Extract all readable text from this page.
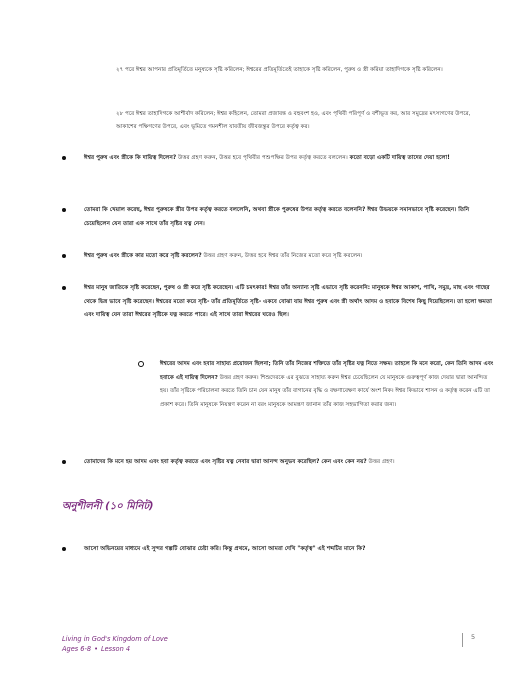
২৭ পরে ঈশ্বর আপনার প্রতিমূর্তিতে মনুষ্যকে সৃষ্টি করিলেন; ঈশ্বরের প্রতিমূর্তিতেই তাহাকে সৃষ্টি করিলেন, পুরুষ ও স্ত্রী করিয়া তাহাদিগকে সৃষ্টি করিলেন।
২৮ পরে ঈশ্বর তাহাদিগকে আশীর্বাদ করিলেন; ঈশ্বর কহিলেন, তোমরা প্রজাবন্ত ও বহুবংশ হও, এবং পৃথিবী পরিপূর্ণ ও বশীভূত কর, আর সমুদ্রের মৎস্যগণের উপরে, আকাশের পক্ষিগণের উপরে, এবং ভূমিতে গমনশীল যাবতীয় জীবজন্তুর উপরে কর্তৃত্ব কর।
ঈশ্বর পুরুষ এবং স্ত্রীকে কি দায়িত্ব দিলেন? উত্তর গ্রহণ করুন, উত্তর হবে পৃথিবীর পশুপক্ষির উপর কর্তৃত্ব করতে বললেন। কতো বড়ো একটি দায়িত্ব তাদের দেয়া হলো!
তোমরা কি খেয়াল করেছ, ঈশ্বর পুরুষকে স্ত্রীর উপর কর্তৃত্ব করতে বললেনি, অথবা স্ত্রীকে পুরুষের উপর কর্তৃত্ব করতে বলেননি? ঈশ্বর উভয়কে সমানভাবে সৃষ্টি করেছেন। তিনি চেয়েছিলেন যেন তারা এক সাথে তাঁর সৃষ্টির যত্ন নেন।
ঈশ্বর পুরুষ এবং স্ত্রীকে কার মতো করে সৃষ্টি করলেন? উত্তর গ্রহণ করুন, উত্তর হবে ঈশ্বর তাঁর নিজের মতো করে সৃষ্টি করলেন।
ঈশ্বর মানুষ জাতিকে সৃষ্টি করেছেন, পুরুষ ও স্ত্রী করে সৃষ্টি করেছেন। এটি চমৎকার! ঈশ্বর তাঁর অন্যান্য সৃষ্টি এভাবে সৃষ্টি করেননি: মানুষকে ঈশ্বর আকাশ, পাখি, সমুদ্র, মাছ এবং গাছের থেকে ভিন্ন ভাবে সৃষ্টি করেছেন। ঈশ্বরের মতো করে সৃষ্টি- তাঁর প্রতিমূর্তিতে সৃষ্টি- একবে বোঝা যায় ঈশ্বর পুরুষ এবং স্ত্রী অর্থাৎ আদম ও হবাকে বিশেষ কিছু দিয়েছিলেন। তা হলো ক্ষমতা এবং দায়িত্ব যেন তারা ঈশ্বরের সৃষ্টিকে যত্ন করতে পারে। এই সাথে তারা ঈশ্বরের ঘরেও ছিল।
ঈশ্বরের আদম এবং হবার সাহায্য প্রয়োজন ছিলনা; তিনি তাঁর নিজের শক্তিতে তাঁর সৃষ্টির যত্ন নিতে সক্ষম। তাহলে কি মনে করো, কেন তিনি আদম এবং হবাকে এই দায়িত্ব দিলেন? উত্তর গ্রহণ করুন। শিশুদেরকে এর বুঝতে সাহায্য করুন ঈশ্বর চেয়েছিলেন যে মানুষকে গুরুত্বপূর্ণ কাজ দেয়ার দ্বারা আনন্দিত হয়। তাঁর সৃষ্টিকে পরিচালনা করতে তিনি চান যেন মানুষ তাঁর বাগানের বৃদ্ধি ও বক্ষণাবেক্ষণ কার্যে অংশ নিক। ঈশ্বর কিভাবে শাসন ও কর্তৃত্ব করেন এটি তা প্রকাশ করে। তিনি মানুষকে নিয়ন্ত্রণ করেন না বরং মানুষকে আমন্ত্রণ জানান তাঁর কাজ সহভাগিতা করার জন্য।
তোমাদের কি মনে হয় আদম এবং হবা কর্তৃত্ব করতে এবং সৃষ্টির যত্ন নেবার দ্বারা আনন্দ অনুভব করেছিল? কেন এবং কেন নয়? উত্তর গ্রহণ।
অনুশীলনী (১০ মিনিট)
আসো অভিনয়ের মাধ্যমে এই সুন্দর গল্পটি বোঝার চেষ্টা করি। কিন্তু প্রথমে, আসো আমরা দেখি "কর্তৃত্ব" এই শব্দটির মানে কি?
Living in God's Kingdom of Love
Ages 6-8 • Lesson 4
5
